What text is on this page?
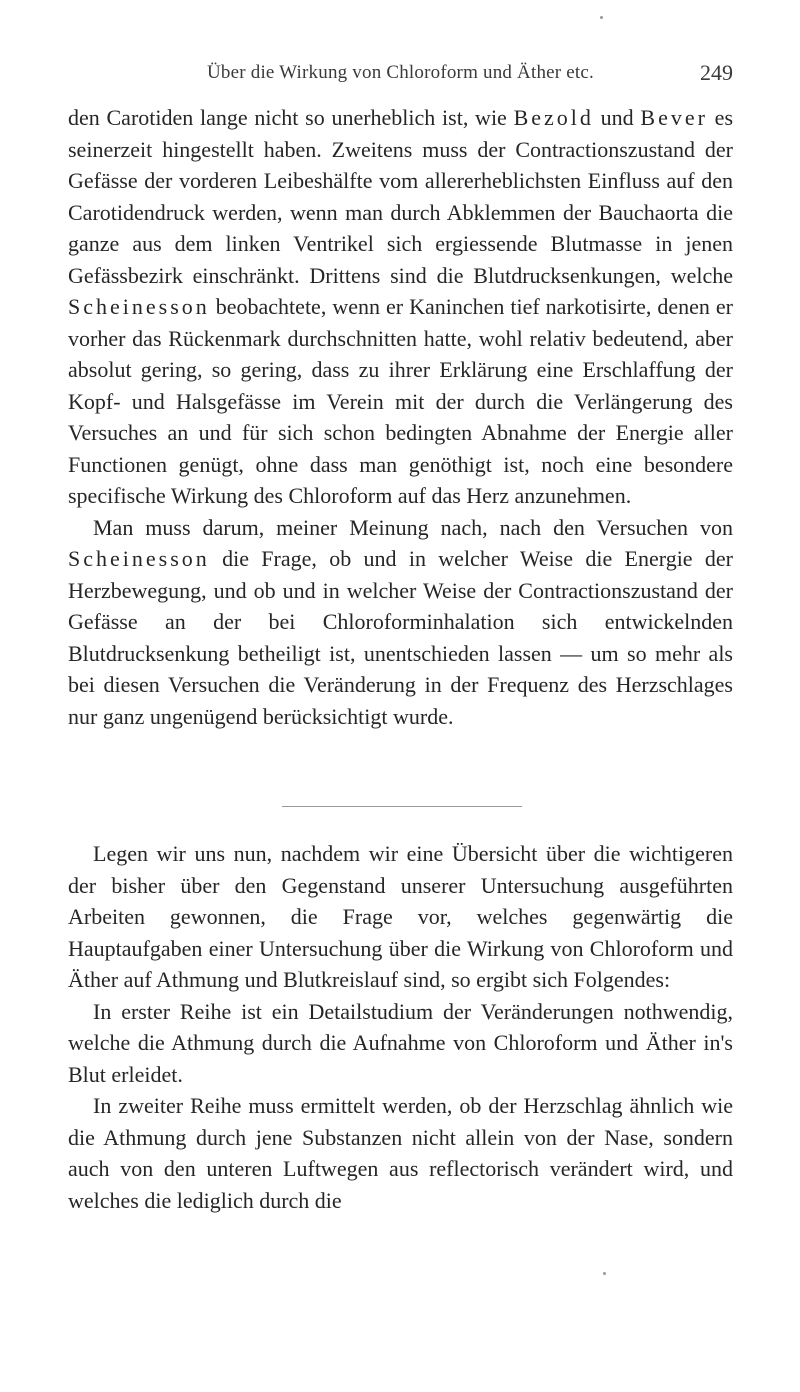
Über die Wirkung von Chloroform und Äther etc.	249

den Carotiden lange nicht so unerheblich ist, wie Bezold und Bever es seinerzeit hingestellt haben. Zweitens muss der Contractionszustand der Gefässe der vorderen Leibeshälfte vom allererheblichsten Einfluss auf den Carotidendruck werden, wenn man durch Abklemmen der Bauchaorta die ganze aus dem linken Ventrikel sich ergiessende Blutmasse in jenen Gefässbezirk einschränkt. Drittens sind die Blutdrucksenkungen, welche Scheinesson beobachtete, wenn er Kaninchen tief narkotisirte, denen er vorher das Rückenmark durchschnitten hatte, wohl relativ bedeutend, aber absolut gering, so gering, dass zu ihrer Erklärung eine Erschlaffung der Kopf- und Halsgefässe im Verein mit der durch die Verlängerung des Versuches an und für sich schon bedingten Abnahme der Energie aller Functionen genügt, ohne dass man genöthigt ist, noch eine besondere specifische Wirkung des Chloroform auf das Herz anzunehmen.

Man muss darum, meiner Meinung nach, nach den Versuchen von Scheinesson die Frage, ob und in welcher Weise die Energie der Herzbewegung, und ob und in welcher Weise der Contractionszustand der Gefässe an der bei Chloroforminhalation sich entwickelnden Blutdrucksenkung betheiligt ist, unentschieden lassen — um so mehr als bei diesen Versuchen die Veränderung in der Frequenz des Herzschlages nur ganz ungenügend berücksichtigt wurde.

Legen wir uns nun, nachdem wir eine Übersicht über die wichtigeren der bisher über den Gegenstand unserer Untersuchung ausgeführten Arbeiten gewonnen, die Frage vor, welches gegenwärtig die Hauptaufgaben einer Untersuchung über die Wirkung von Chloroform und Äther auf Athmung und Blutkreislauf sind, so ergibt sich Folgendes:

In erster Reihe ist ein Detailstudium der Veränderungen nothwendig, welche die Athmung durch die Aufnahme von Chloroform und Äther in's Blut erleidet.

In zweiter Reihe muss ermittelt werden, ob der Herzschlag ähnlich wie die Athmung durch jene Substanzen nicht allein von der Nase, sondern auch von den unteren Luftwegen aus reflectorisch verändert wird, und welches die lediglich durch die
